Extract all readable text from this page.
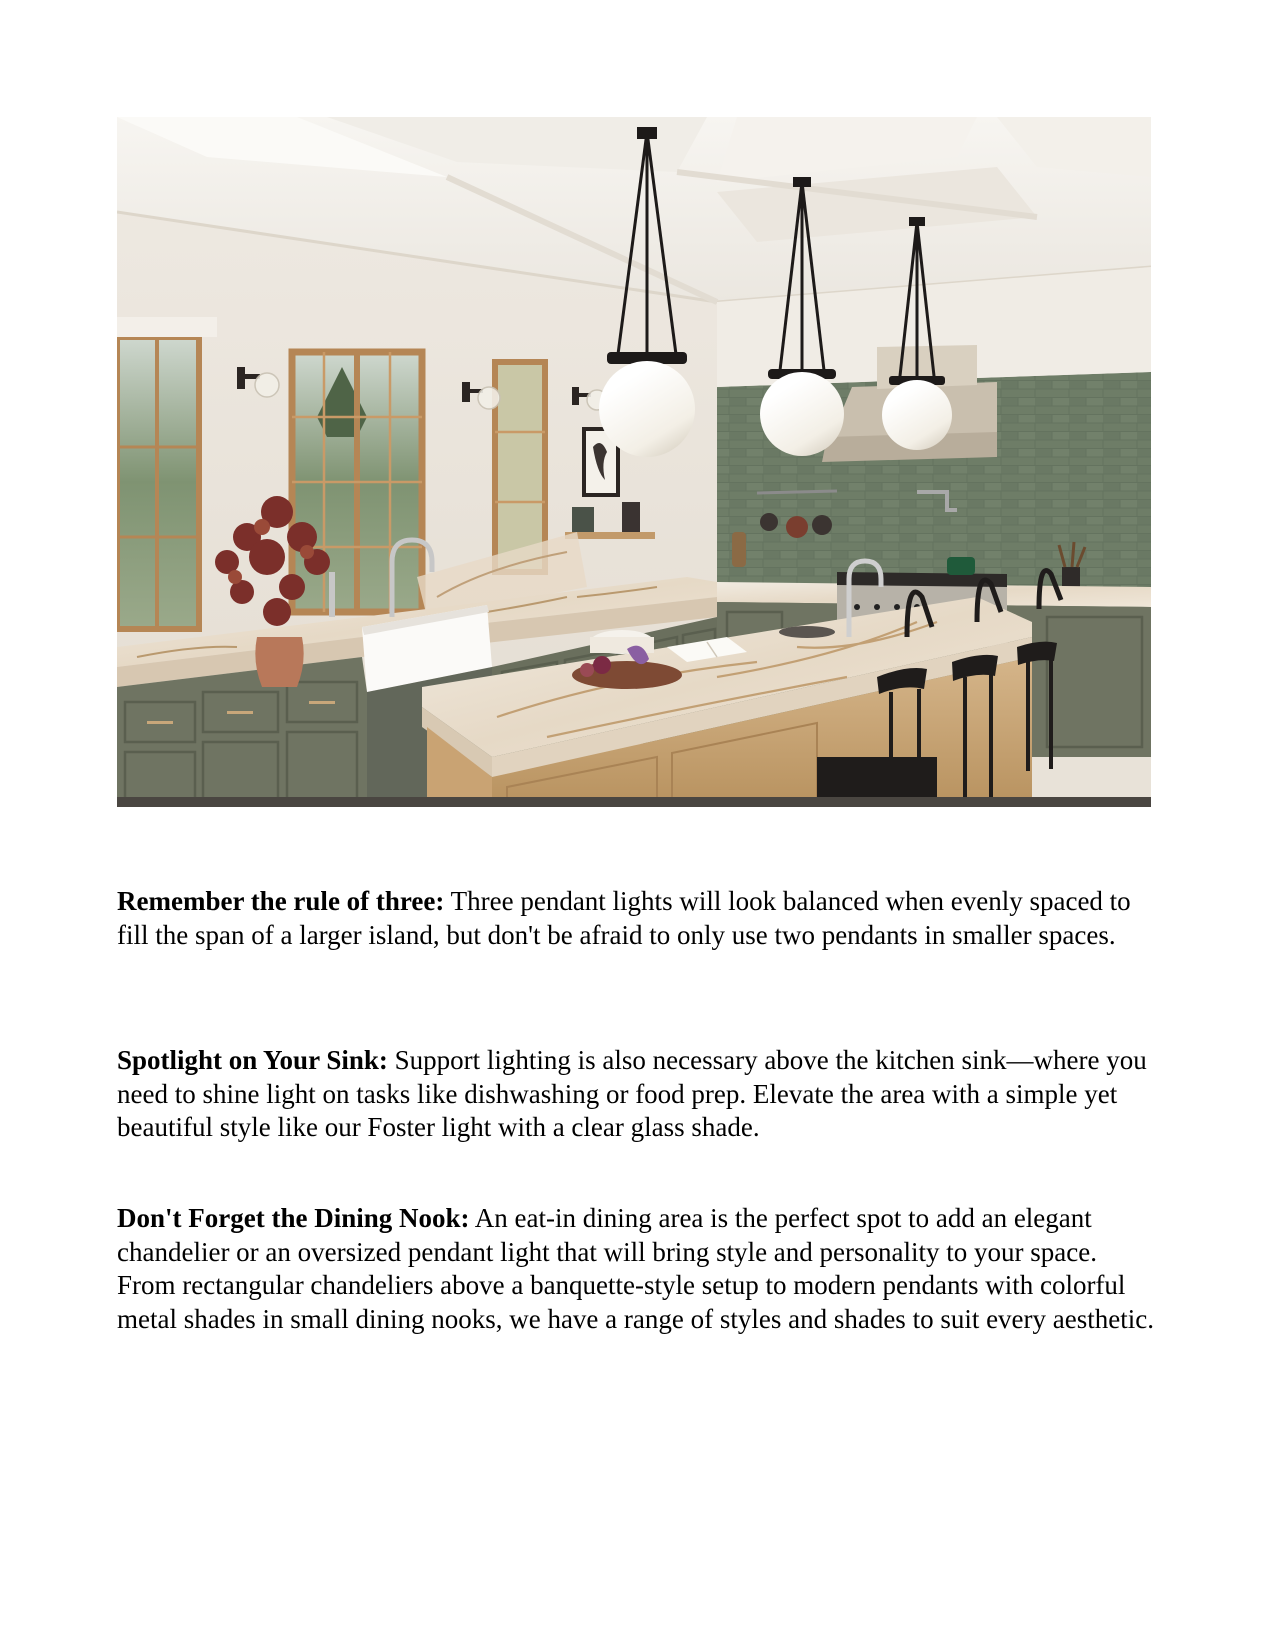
Remember the rule of three: Three pendant lights will look balanced when evenly spaced to fill the span of a larger island, but don't be afraid to only use two pendants in smaller spaces.

Spotlight on Your Sink: Support lighting is also necessary above the kitchen sink—where you need to shine light on tasks like dishwashing or food prep. Elevate the area with a simple yet beautiful style like our Foster light with a clear glass shade.

Don't Forget the Dining Nook: An eat-in dining area is the perfect spot to add an elegant chandelier or an oversized pendant light that will bring style and personality to your space. From rectangular chandeliers above a banquette-style setup to modern pendants with colorful metal shades in small dining nooks, we have a range of styles and shades to suit every aesthetic.
